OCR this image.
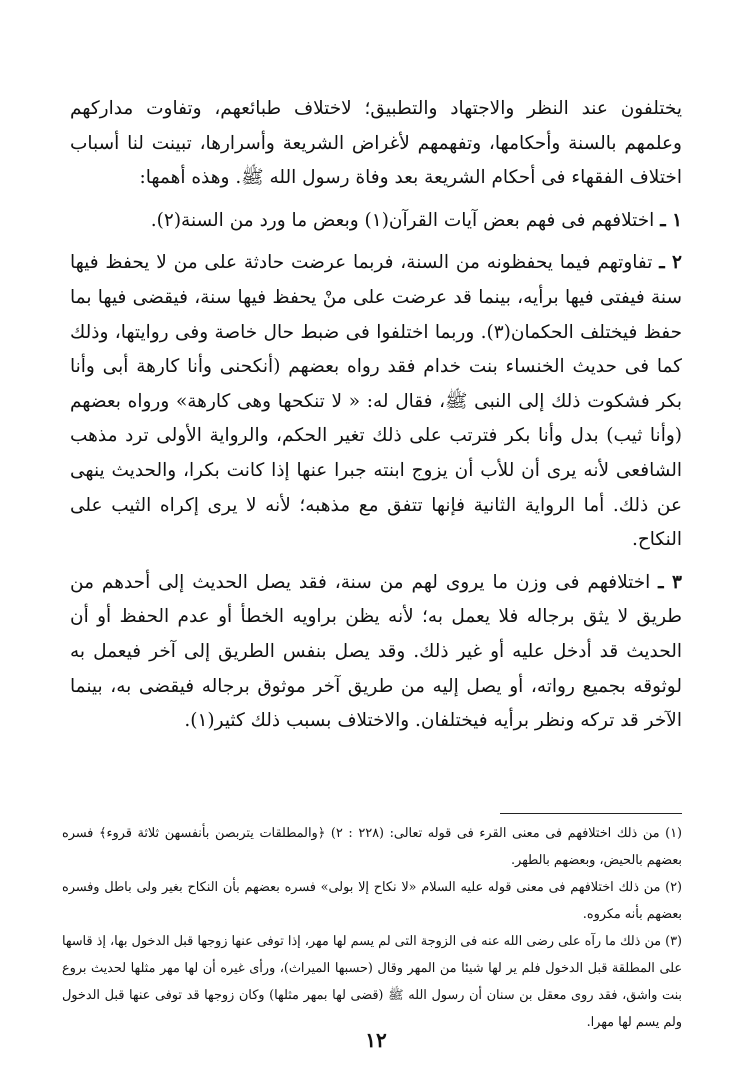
يختلفون عند النظر والاجتهاد والتطبيق؛ لاختلاف طبائعهم، وتفاوت مداركهم وعلمهم بالسنة وأحكامها، وتفهمهم لأغراض الشريعة وأسرارها، تبينت لنا أسباب اختلاف الفقهاء فى أحكام الشريعة بعد وفاة رسول الله ﷺ. وهذه أهمها:

١ ـ اختلافهم فى فهم بعض آيات القرآن(١) وبعض ما ورد من السنة(٢).

٢ ـ تفاوتهم فيما يحفظونه من السنة، فربما عرضت حادثة على من لا يحفظ فيها سنة فيفتى فيها برأيه، بينما قد عرضت على منْ يحفظ فيها سنة، فيقضى فيها بما حفظ فيختلف الحكمان(٣). وربما اختلفوا فى ضبط حال خاصة وفى روايتها، وذلك كما فى حديث الخنساء بنت خدام فقد رواه بعضهم (أنكحنى وأنا كارهة أبى وأنا بكر فشكوت ذلك إلى النبى ﷺ، فقال له: « لا تنكحها وهى كارهة» ورواه بعضهم (وأنا ثيب) بدل وأنا بكر فترتب على ذلك تغير الحكم، والرواية الأولى ترد مذهب الشافعى لأنه يرى أن للأب أن يزوج ابنته جبرا عنها إذا كانت بكرا، والحديث ينهى عن ذلك. أما الرواية الثانية فإنها تتفق مع مذهبه؛ لأنه لا يرى إكراه الثيب على النكاح.

٣ ـ اختلافهم فى وزن ما يروى لهم من سنة، فقد يصل الحديث إلى أحدهم من طريق لا يثق برجاله فلا يعمل به؛ لأنه يظن براويه الخطأ أو عدم الحفظ أو أن الحديث قد أدخل عليه أو غير ذلك. وقد يصل بنفس الطريق إلى آخر فيعمل به لوثوقه بجميع رواته، أو يصل إليه من طريق آخر موثوق برجاله فيقضى به، بينما الآخر قد تركه ونظر برأيه فيختلفان. والاختلاف بسبب ذلك كثير(١).

(١) من ذلك اختلافهم فى معنى القرء فى قوله تعالى: (٢٢٨ : ٢) ﴿والمطلقات يتربصن بأنفسهن ثلاثة قروء﴾ فسره بعضهم بالحيض، وبعضهم بالطهر.

(٢) من ذلك اختلافهم فى معنى قوله عليه السلام «لا نكاح إلا بولى» فسره بعضهم بأن النكاح بغير ولى باطل وفسره بعضهم بأنه مكروه.

(٣) من ذلك ما رآه على رضى الله عنه فى الزوجة التى لم يسم لها مهر، إذا توفى عنها زوجها قبل الدخول بها، إذ قاسها على المطلقة قبل الدخول فلم ير لها شيئا من المهر وقال (حسبها الميراث)، ورأى غيره أن لها مهر مثلها لحديث بروع بنت واشق، فقد روى معقل بن سنان أن رسول الله ﷺ (قضى لها بمهر مثلها) وكان زوجها قد توفى عنها قبل الدخول ولم يسم لها مهرا.

١٢
